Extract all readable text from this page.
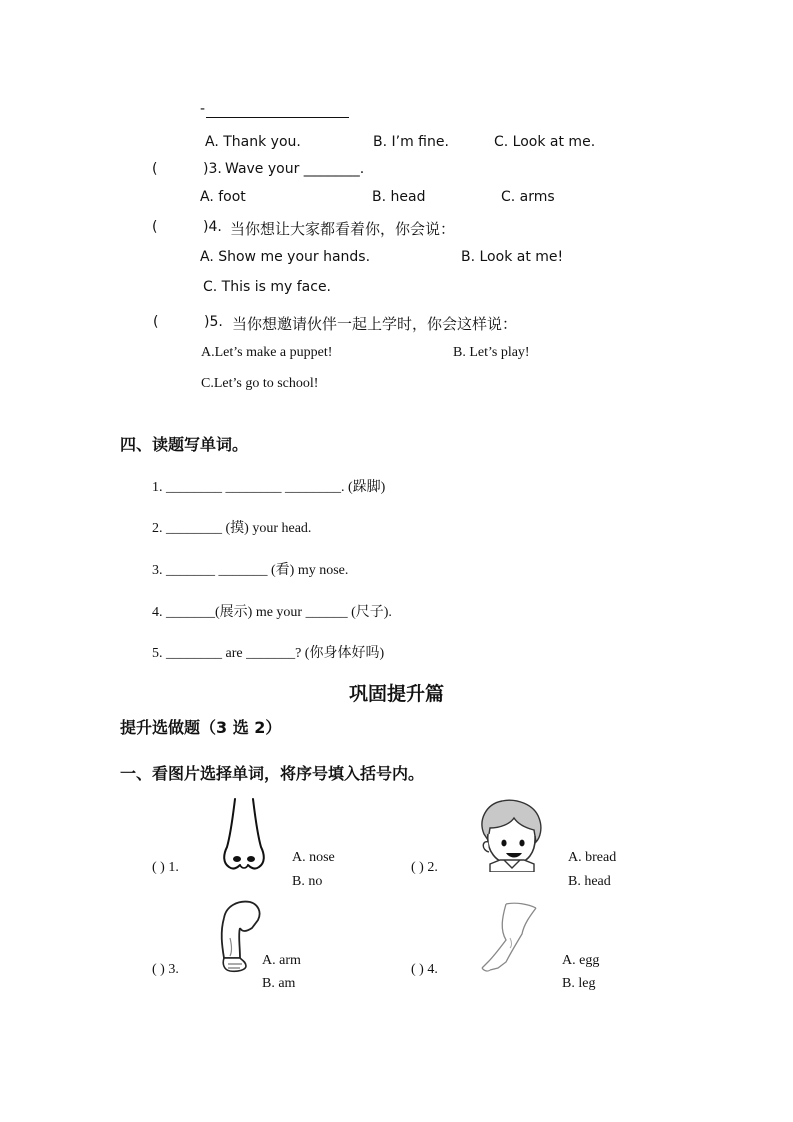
-
A. Thank you.	B. I’m fine.	C. Look at me.
(	)3. Wave your ________.
A. foot	B. head	C. arms
(	)4. 当你想让大家都看着你，你会说：
A. Show me your hands.	B. Look at me!
C. This is my face.
(	)5. 当你想邀请伙伴一起上学时，你会这样说：
A.Let’s make a puppet!	B. Let’s play!
C.Let’s go to school!
四、读题写单词。
1. ________ ________ ________. (跺脚)
2. ________ (摸) your head.
3. _______ _______ (看) my nose.
4. _______(展示) me your ______ (尺子).
5. ________ are _______? (你身体好吗)
巩固提升篇
提升选做题（3 选 2）
一、看图片选择单词，将序号填入括号内。
( ) 1.
A. nose
B. no
( ) 2.
A. bread
B. head
( ) 3.
A. arm
B. am
( ) 4.
A. egg
B. leg
